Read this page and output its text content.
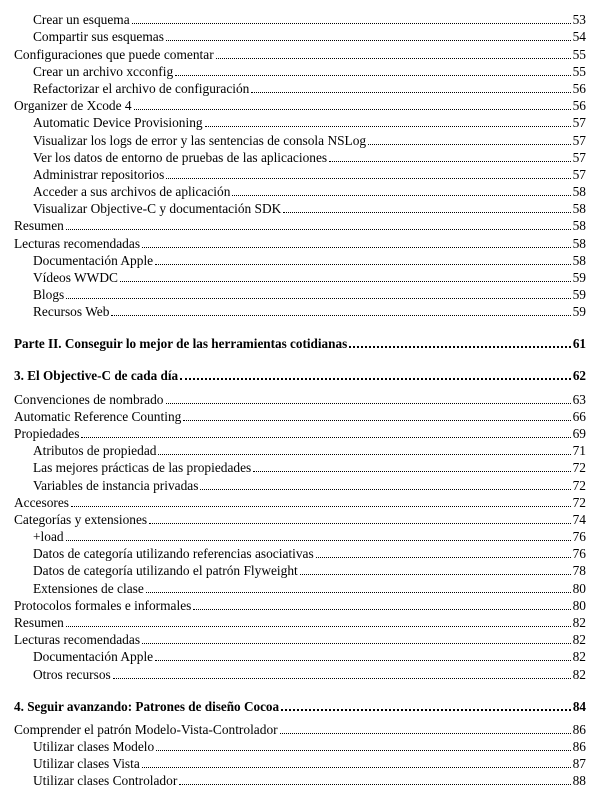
Crear un esquema	53
Compartir sus esquemas	54
Configuraciones que puede comentar	55
Crear un archivo xcconfig	55
Refactorizar el archivo de configuración	56
Organizer de Xcode 4	56
Automatic Device Provisioning	57
Visualizar los logs de error y las sentencias de consola NSLog	57
Ver los datos de entorno de pruebas de las aplicaciones	57
Administrar repositorios	57
Acceder a sus archivos de aplicación	58
Visualizar Objective-C y documentación SDK	58
Resumen	58
Lecturas recomendadas	58
Documentación Apple	58
Vídeos WWDC	59
Blogs	59
Recursos Web	59
Parte II. Conseguir lo mejor de las herramientas cotidianas	61
3. El Objective-C de cada día	62
Convenciones de nombrado	63
Automatic Reference Counting	66
Propiedades	69
Atributos de propiedad	71
Las mejores prácticas de las propiedades	72
Variables de instancia privadas	72
Accesores	72
Categorías y extensiones	74
+load	76
Datos de categoría utilizando referencias asociativas	76
Datos de categoría utilizando el patrón Flyweight	78
Extensiones de clase	80
Protocolos formales e informales	80
Resumen	82
Lecturas recomendadas	82
Documentación Apple	82
Otros recursos	82
4. Seguir avanzando: Patrones de diseño Cocoa	84
Comprender el patrón Modelo-Vista-Controlador	86
Utilizar clases Modelo	86
Utilizar clases Vista	87
Utilizar clases Controlador	88
